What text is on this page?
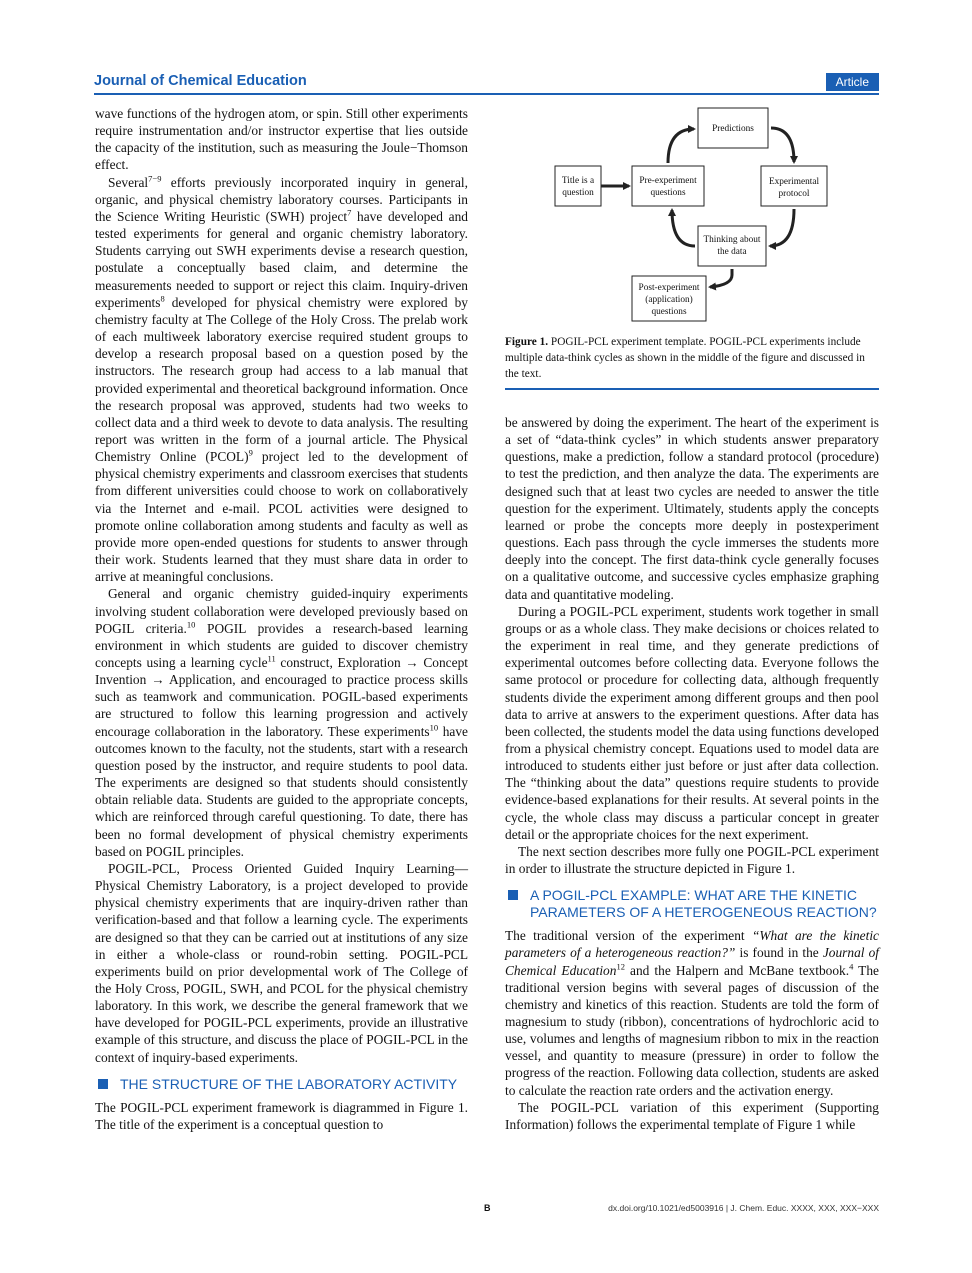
Journal of Chemical Education	Article

wave functions of the hydrogen atom, or spin. Still other experiments require instrumentation and/or instructor expertise that lies outside the capacity of the institution, such as measuring the Joule−Thomson effect.

Several$^{7-9}$ efforts previously incorporated inquiry in general, organic, and physical chemistry laboratory courses. Participants in the Science Writing Heuristic (SWH) project$^7$ have developed and tested experiments for general and organic chemistry laboratory. Students carrying out SWH experiments devise a research question, postulate a conceptually based claim, and determine the measurements needed to support or reject this claim. Inquiry-driven experiments$^8$ developed for physical chemistry were explored by chemistry faculty at The College of the Holy Cross. The prelab work of each multiweek laboratory exercise required student groups to develop a research proposal based on a question posed by the instructors. The research group had access to a lab manual that provided experimental and theoretical background information. Once the research proposal was approved, students had two weeks to collect data and a third week to devote to data analysis. The resulting report was written in the form of a journal article. The Physical Chemistry Online (PCOL)$^9$ project led to the development of physical chemistry experiments and classroom exercises that students from different universities could choose to work on collaboratively via the Internet and e-mail. PCOL activities were designed to promote online collaboration among students and faculty as well as provide more open-ended questions for students to answer through their work. Students learned that they must share data in order to arrive at meaningful conclusions.

General and organic chemistry guided-inquiry experiments involving student collaboration were developed previously based on POGIL criteria.$^{10}$ POGIL provides a research-based learning environment in which students are guided to discover chemistry concepts using a learning cycle$^{11}$ construct, Exploration → Concept Invention → Application, and encouraged to practice process skills such as teamwork and communication. POGIL-based experiments are structured to follow this learning progression and actively encourage collaboration in the laboratory. These experiments$^{10}$ have outcomes known to the faculty, not the students, start with a research question posed by the instructor, and require students to pool data. The experiments are designed so that students should consistently obtain reliable data. Students are guided to the appropriate concepts, which are reinforced through careful questioning. To date, there has been no formal development of physical chemistry experiments based on POGIL principles.

POGIL-PCL, Process Oriented Guided Inquiry Learning—Physical Chemistry Laboratory, is a project developed to provide physical chemistry experiments that are inquiry-driven rather than verification-based and that follow a learning cycle. The experiments are designed so that they can be carried out at institutions of any size in either a whole-class or round-robin setting. POGIL-PCL experiments build on prior developmental work of The College of the Holy Cross, POGIL, SWH, and PCOL for the physical chemistry laboratory. In this work, we describe the general framework that we have developed for POGIL-PCL experiments, provide an illustrative example of this structure, and discuss the place of POGIL-PCL in the context of inquiry-based experiments.

THE STRUCTURE OF THE LABORATORY ACTIVITY

The POGIL-PCL experiment framework is diagrammed in Figure 1. The title of the experiment is a conceptual question to

Predictions
Title is a
question
Pre-experiment
questions
Experimental
protocol
Thinking about
the data
Post-experiment
(application)
questions
Figure 1. POGIL-PCL experiment template. POGIL-PCL experiments include multiple data-think cycles as shown in the middle of the figure and discussed in the text.

be answered by doing the experiment. The heart of the experiment is a set of “data-think cycles” in which students answer preparatory questions, make a prediction, follow a standard protocol (procedure) to test the prediction, and then analyze the data. The experiments are designed such that at least two cycles are needed to answer the title question for the experiment. Ultimately, students apply the concepts learned or probe the concepts more deeply in postexperiment questions. Each pass through the cycle immerses the students more deeply into the concept. The first data-think cycle generally focuses on a qualitative outcome, and successive cycles emphasize graphing data and quantitative modeling.

During a POGIL-PCL experiment, students work together in small groups or as a whole class. They make decisions or choices related to the experiment in real time, and they generate predictions of experimental outcomes before collecting data. Everyone follows the same protocol or procedure for collecting data, although frequently students divide the experiment among different groups and then pool data to arrive at answers to the experiment questions. After data has been collected, the students model the data using functions developed from a physical chemistry concept. Equations used to model data are introduced to students either just before or just after data collection. The “thinking about the data” questions require students to provide evidence-based explanations for their results. At several points in the cycle, the whole class may discuss a particular concept in greater detail or the appropriate choices for the next experiment.

The next section describes more fully one POGIL-PCL experiment in order to illustrate the structure depicted in Figure 1.

A POGIL-PCL EXAMPLE: WHAT ARE THE KINETIC PARAMETERS OF A HETEROGENEOUS REACTION?

The traditional version of the experiment “What are the kinetic parameters of a heterogeneous reaction?” is found in the Journal of Chemical Education$^{12}$ and the Halpern and McBane textbook.$^4$ The traditional version begins with several pages of discussion of the chemistry and kinetics of this reaction. Students are told the form of magnesium to study (ribbon), concentrations of hydrochloric acid to use, volumes and lengths of magnesium ribbon to mix in the reaction vessel, and quantity to measure (pressure) in order to follow the progress of the reaction. Following data collection, students are asked to calculate the reaction rate orders and the activation energy.

The POGIL-PCL variation of this experiment (Supporting Information) follows the experimental template of Figure 1 while

B	dx.doi.org/10.1021/ed5003916 | J. Chem. Educ. XXXX, XXX, XXX−XXX
